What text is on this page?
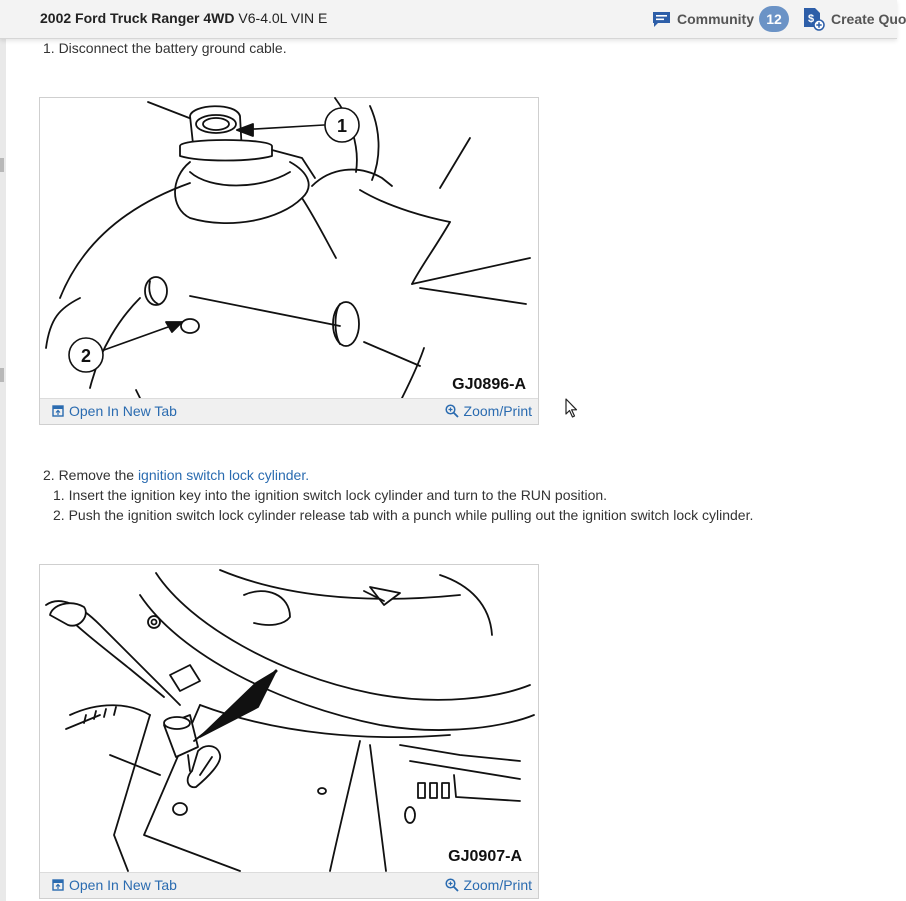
2002 Ford Truck Ranger 4WD V6-4.0L VIN E	Community 12	$ Create Quo

1. Disconnect the battery ground cable.

1
2
GJ0896-A
Open In New Tab	Zoom/Print

2. Remove the ignition switch lock cylinder.

1. Insert the ignition key into the ignition switch lock cylinder and turn to the RUN position.

2. Push the ignition switch lock cylinder release tab with a punch while pulling out the ignition switch lock cylinder.

GJ0907-A
Open In New Tab	Zoom/Print
